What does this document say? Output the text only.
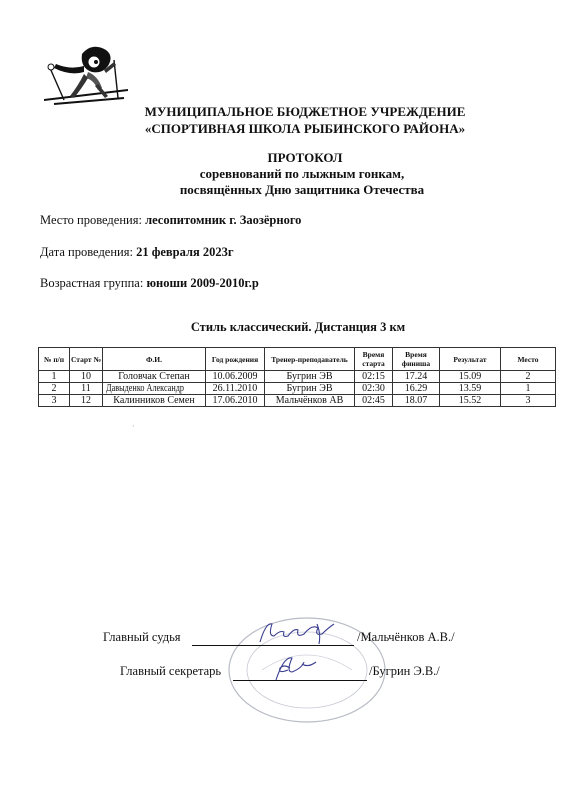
МУНИЦИПАЛЬНОЕ БЮДЖЕТНОЕ УЧРЕЖДЕНИЕ
«СПОРТИВНАЯ ШКОЛА РЫБИНСКОГО РАЙОНА»
ПРОТОКОЛ
соревнований по лыжным гонкам,
посвящённых Дню защитника Отечества
Место проведения: лесопитомник г. Заозёрного
Дата проведения: 21 февраля 2023г
Возрастная группа: юноши 2009-2010г.р
Стиль классический. Дистанция 3 км
№ п/п	Старт №	Ф.И.	Год рождения	Тренер-преподаватель	Время старта	Время финиша	Результат	Место
1	10	Головчак Степан	10.06.2009	Бугрин ЭВ	02:15	17.24	15.09	2
2	11	Давыденко Александр	26.11.2010	Бугрин ЭВ	02:30	16.29	13.59	1
3	12	Калинников Семен	17.06.2010	Мальчёнков АВ	02:45	18.07	15.52	3
·
Главный судья	/Мальчёнков А.В./
Главный секретарь	/Бугрин Э.В./
